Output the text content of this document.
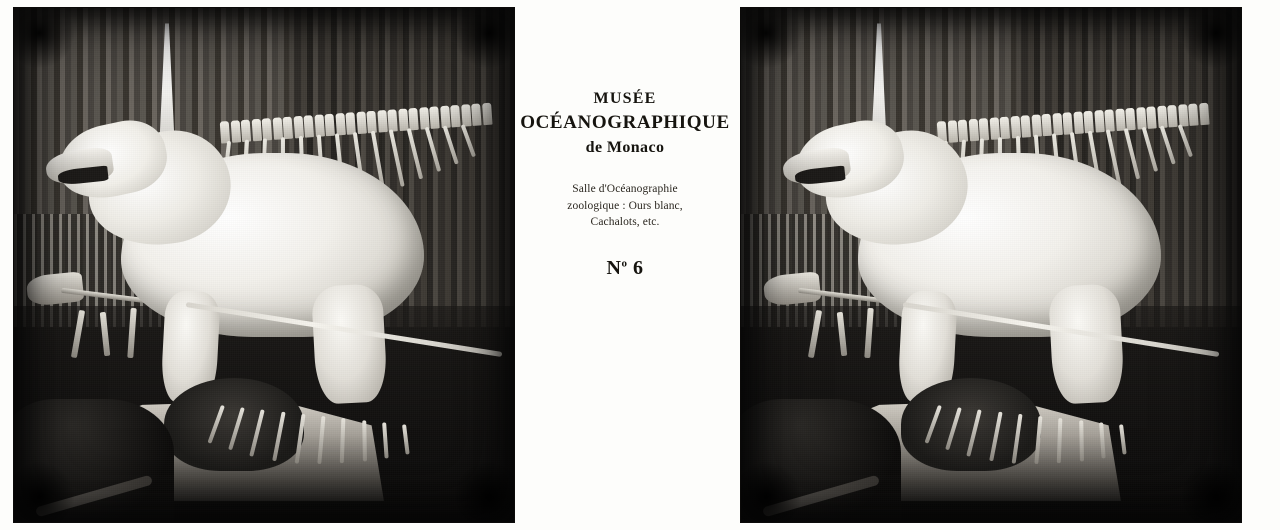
MUSÉE
OCÉANOGRAPHIQUE
de Monaco
Salle d'Océanographie
zoologique : Ours blanc,
Cachalots, etc.
$N^o$ 6
